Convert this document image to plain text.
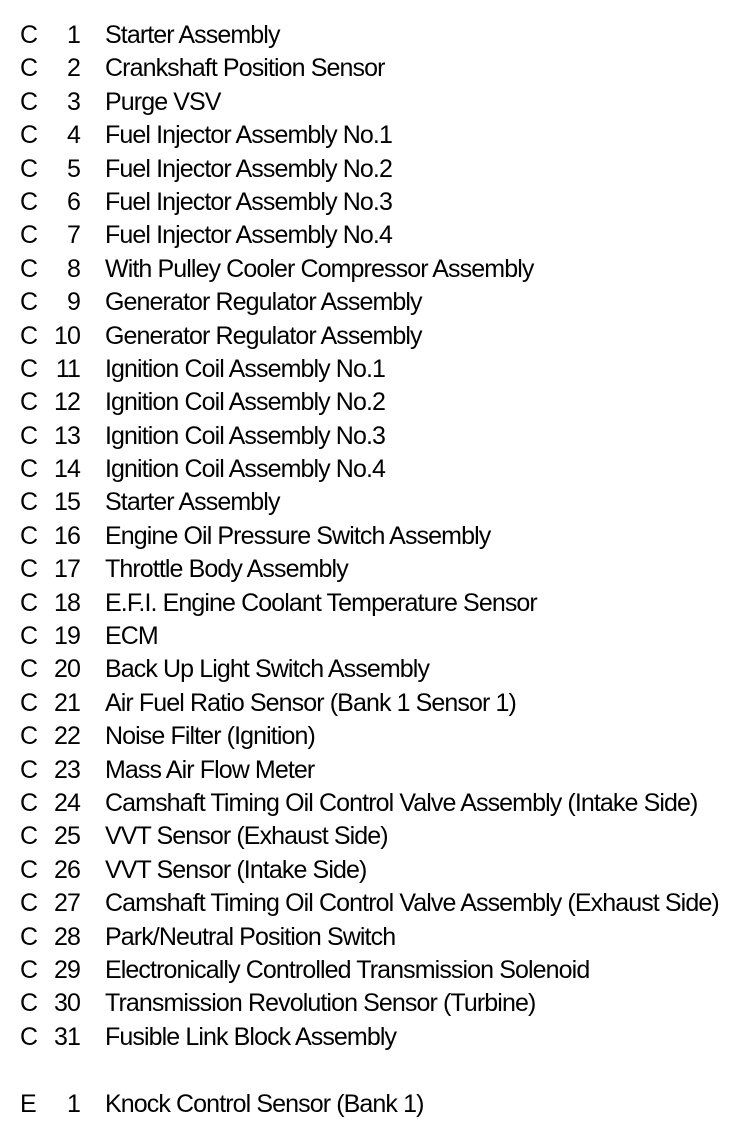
C	1 Starter Assembly
C	2 Crankshaft Position Sensor
C	3 Purge VSV
C	4 Fuel Injector Assembly No.1
C	5 Fuel Injector Assembly No.2
C	6 Fuel Injector Assembly No.3
C	7 Fuel Injector Assembly No.4
C	8 With Pulley Cooler Compressor Assembly
C	9 Generator Regulator Assembly
C 10 Generator Regulator Assembly
C 11 Ignition Coil Assembly No.1
C 12 Ignition Coil Assembly No.2
C 13 Ignition Coil Assembly No.3
C 14 Ignition Coil Assembly No.4
C 15 Starter Assembly
C 16 Engine Oil Pressure Switch Assembly
C 17 Throttle Body Assembly
C 18 E.F.I. Engine Coolant Temperature Sensor
C 19 ECM
C 20 Back Up Light Switch Assembly
C 21 Air Fuel Ratio Sensor (Bank 1 Sensor 1)
C 22 Noise Filter (Ignition)
C 23 Mass Air Flow Meter
C 24 Camshaft Timing Oil Control Valve Assembly (Intake Side)
C 25 VVT Sensor (Exhaust Side)
C 26 VVT Sensor (Intake Side)
C 27 Camshaft Timing Oil Control Valve Assembly (Exhaust Side)
C 28 Park/Neutral Position Switch
C 29 Electronically Controlled Transmission Solenoid
C 30 Transmission Revolution Sensor (Turbine)
C 31 Fusible Link Block Assembly
E	1 Knock Control Sensor (Bank 1)
